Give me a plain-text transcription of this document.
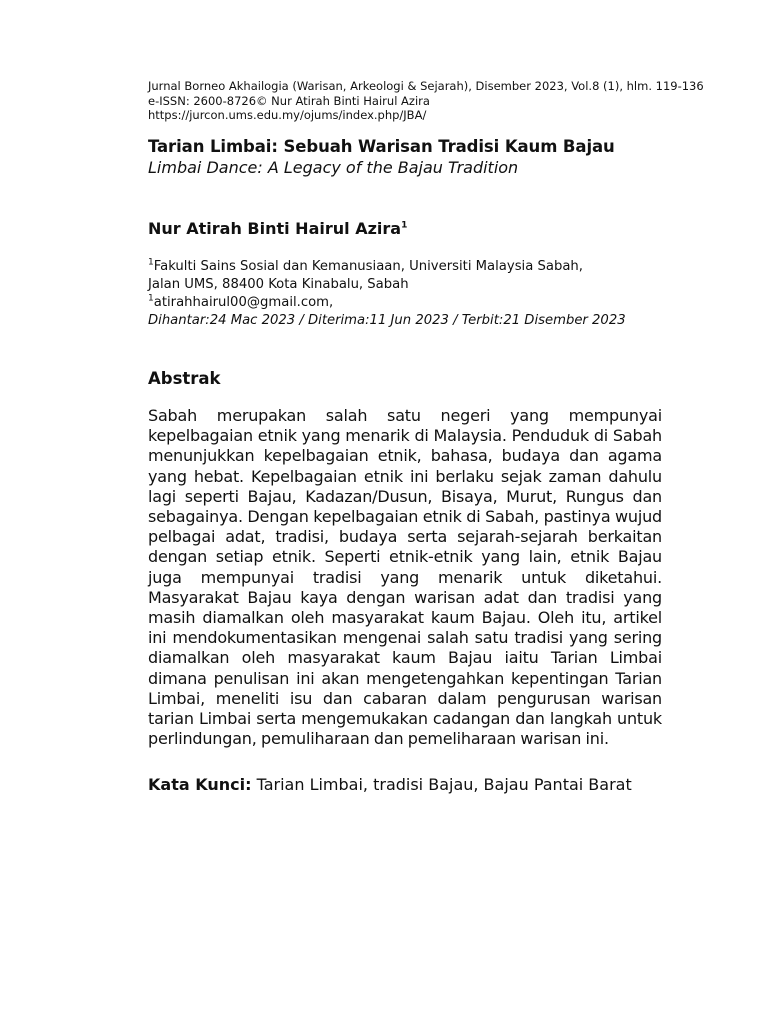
Jurnal Borneo Akhailogia (Warisan, Arkeologi & Sejarah), Disember 2023, Vol.8 (1), hlm. 119-136
e-ISSN: 2600-8726© Nur Atirah Binti Hairul Azira
https://jurcon.ums.edu.my/ojums/index.php/JBA/
Tarian Limbai: Sebuah Warisan Tradisi Kaum Bajau
Limbai Dance: A Legacy of the Bajau Tradition
Nur Atirah Binti Hairul Azira$^1$
$^1$Fakulti Sains Sosial dan Kemanusiaan, Universiti Malaysia Sabah,
Jalan UMS, 88400 Kota Kinabalu, Sabah
$^1$atirahhairul00@gmail.com,
Dihantar:24 Mac 2023 / Diterima:11 Jun 2023 / Terbit:21 Disember 2023
Abstrak

Sabah merupakan salah satu negeri yang mempunyai kepelbagaian etnik yang menarik di Malaysia. Penduduk di Sabah menunjukkan kepelbagaian etnik, bahasa, budaya dan agama yang hebat. Kepelbagaian etnik ini berlaku sejak zaman dahulu lagi seperti Bajau, Kadazan/Dusun, Bisaya, Murut, Rungus dan sebagainya. Dengan kepelbagaian etnik di Sabah, pastinya wujud pelbagai adat, tradisi, budaya serta sejarah-sejarah berkaitan dengan setiap etnik. Seperti etnik-etnik yang lain, etnik Bajau juga mempunyai tradisi yang menarik untuk diketahui. Masyarakat Bajau kaya dengan warisan adat dan tradisi yang masih diamalkan oleh masyarakat kaum Bajau. Oleh itu, artikel ini mendokumentasikan mengenai salah satu tradisi yang sering diamalkan oleh masyarakat kaum Bajau iaitu Tarian Limbai dimana penulisan ini akan mengetengahkan kepentingan Tarian Limbai, meneliti isu dan cabaran dalam pengurusan warisan tarian Limbai serta mengemukakan cadangan dan langkah untuk perlindungan, pemuliharaan dan pemeliharaan warisan ini.

Kata Kunci: Tarian Limbai, tradisi Bajau, Bajau Pantai Barat
